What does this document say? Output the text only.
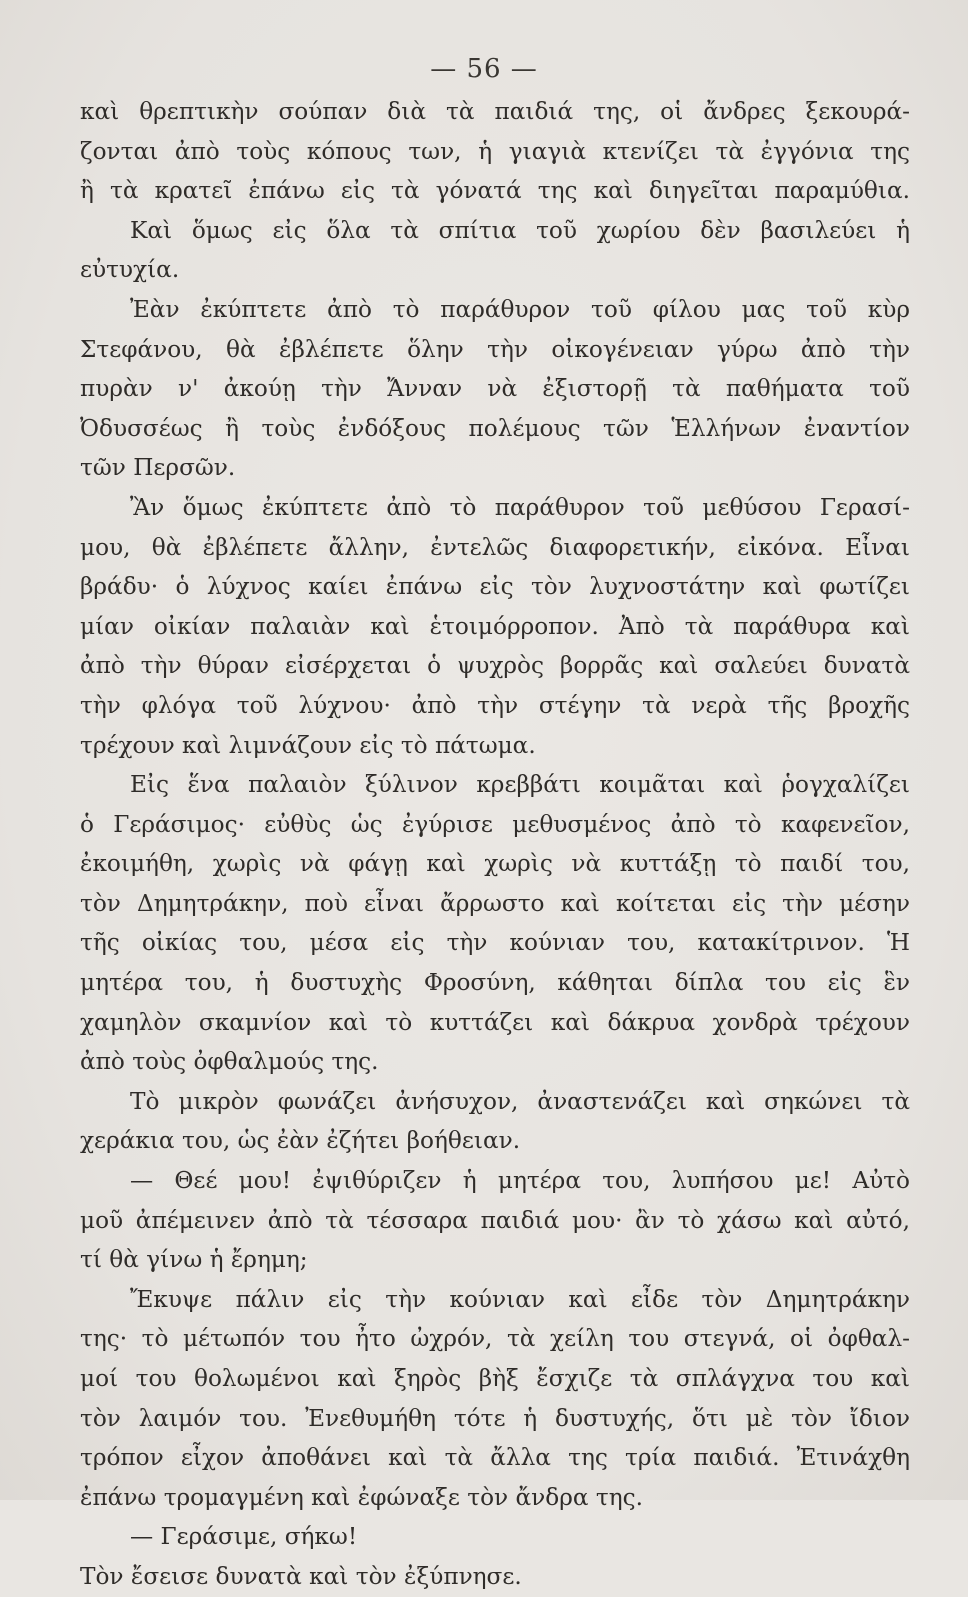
— 56 —
καὶ θρεπτικὴν σούπαν διὰ τὰ παιδιά της, οἱ ἄνδρες ξεκουρά-
ζονται ἀπὸ τοὺς κόπους των, ἡ γιαγιὰ κτενίζει τὰ ἐγγόνια της
ἢ τὰ κρατεῖ ἐπάνω εἰς τὰ γόνατά της καὶ διηγεῖται παραμύθια.
Καὶ ὅμως εἰς ὅλα τὰ σπίτια τοῦ χωρίου δὲν βασιλεύει ἡ
εὐτυχία.
Ἐὰν ἐκύπτετε ἀπὸ τὸ παράθυρον τοῦ φίλου μας τοῦ κὺρ
Στεφάνου, θὰ ἐβλέπετε ὅλην τὴν οἰκογένειαν γύρω ἀπὸ τὴν
πυρὰν ν' ἀκούῃ τὴν Ἄνναν νὰ ἐξιστορῇ τὰ παθήματα τοῦ
Ὀδυσσέως ἢ τοὺς ἐνδόξους πολέμους τῶν Ἑλλήνων ἐναντίον
τῶν Περσῶν.
Ἂν ὅμως ἐκύπτετε ἀπὸ τὸ παράθυρον τοῦ μεθύσου Γερασί-
μου, θὰ ἐβλέπετε ἄλλην, ἐντελῶς διαφορετικήν, εἰκόνα. Εἶναι
βράδυ· ὁ λύχνος καίει ἐπάνω εἰς τὸν λυχνοστάτην καὶ φωτίζει
μίαν οἰκίαν παλαιὰν καὶ ἑτοιμόρροπον. Ἀπὸ τὰ παράθυρα καὶ
ἀπὸ τὴν θύραν εἰσέρχεται ὁ ψυχρὸς βορρᾶς καὶ σαλεύει δυνατὰ
τὴν φλόγα τοῦ λύχνου· ἀπὸ τὴν στέγην τὰ νερὰ τῆς βροχῆς
τρέχουν καὶ λιμνάζουν εἰς τὸ πάτωμα.
Εἰς ἕνα παλαιὸν ξύλινον κρεββάτι κοιμᾶται καὶ ῥογχαλίζει
ὁ Γεράσιμος· εὐθὺς ὡς ἐγύρισε μεθυσμένος ἀπὸ τὸ καφενεῖον,
ἐκοιμήθη, χωρὶς νὰ φάγῃ καὶ χωρὶς νὰ κυττάξῃ τὸ παιδί του,
τὸν Δημητράκην, ποὺ εἶναι ἄρρωστο καὶ κοίτεται εἰς τὴν μέσην
τῆς οἰκίας του, μέσα εἰς τὴν κούνιαν του, κατακίτρινον. Ἡ
μητέρα του, ἡ δυστυχὴς Φροσύνη, κάθηται δίπλα του εἰς ἓν
χαμηλὸν σκαμνίον καὶ τὸ κυττάζει καὶ δάκρυα χονδρὰ τρέχουν
ἀπὸ τοὺς ὀφθαλμούς της.
Τὸ μικρὸν φωνάζει ἀνήσυχον, ἀναστενάζει καὶ σηκώνει τὰ
χεράκια του, ὡς ἐὰν ἐζήτει βοήθειαν.
— Θεέ μου! ἐψιθύριζεν ἡ μητέρα του, λυπήσου με! Αὐτὸ
μοῦ ἀπέμεινεν ἀπὸ τὰ τέσσαρα παιδιά μου· ἂν τὸ χάσω καὶ αὐτό,
τί θὰ γίνω ἡ ἔρημη;
Ἔκυψε πάλιν εἰς τὴν κούνιαν καὶ εἶδε τὸν Δημητράκην
της· τὸ μέτωπόν του ἦτο ὠχρόν, τὰ χείλη του στεγνά, οἱ ὀφθαλ-
μοί του θολωμένοι καὶ ξηρὸς βὴξ ἔσχιζε τὰ σπλάγχνα του καὶ
τὸν λαιμόν του. Ἐνεθυμήθη τότε ἡ δυστυχής, ὅτι μὲ τὸν ἴδιον
τρόπον εἶχον ἀποθάνει καὶ τὰ ἄλλα της τρία παιδιά. Ἐτινάχθη
ἐπάνω τρομαγμένη καὶ ἐφώναξε τὸν ἄνδρα της.
— Γεράσιμε, σήκω!
Τὸν ἔσεισε δυνατὰ καὶ τὸν ἐξύπνησε.
